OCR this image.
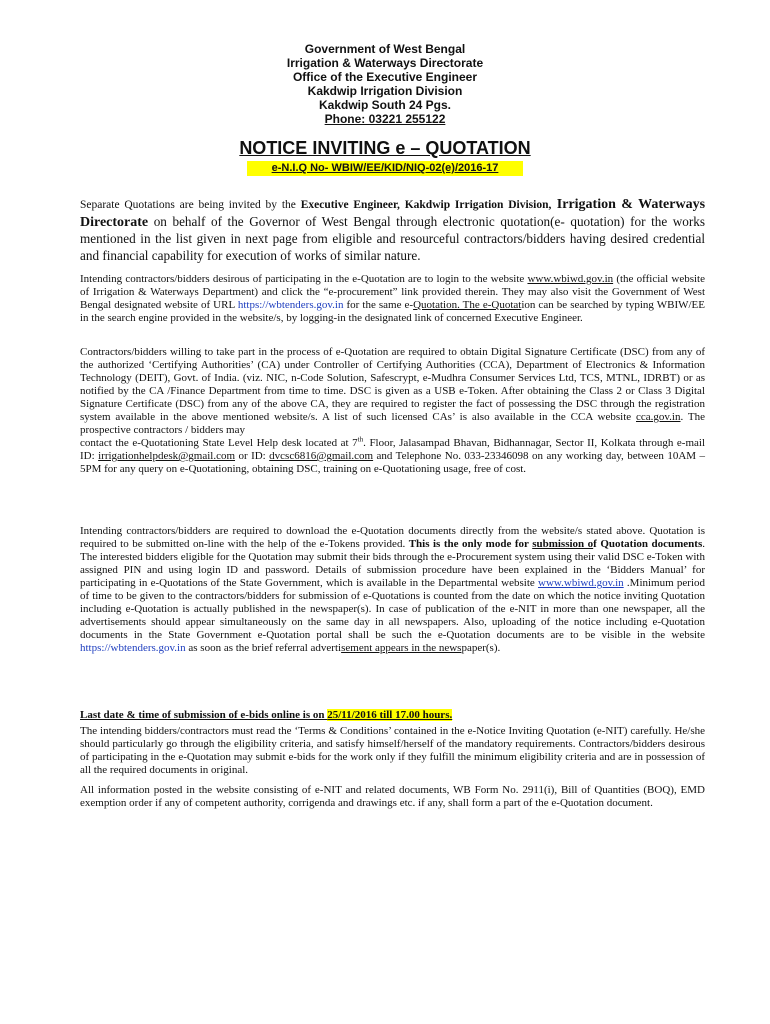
Government of West Bengal
Irrigation & Waterways Directorate
Office of the Executive Engineer
Kakdwip Irrigation Division
Kakdwip South 24 Pgs.
Phone: 03221 255122
NOTICE INVITING e – QUOTATION
e-N.I.Q No- WBIW/EE/KID/NIQ-02(e)/2016-17
Separate Quotations are being invited by the Executive Engineer, Kakdwip Irrigation Division, Irrigation & Waterways Directorate on behalf of the Governor of West Bengal through electronic quotation(e- quotation) for the works mentioned in the list given in next page from eligible and resourceful contractors/bidders having desired credential and financial capability for execution of works of similar nature.
Intending contractors/bidders desirous of participating in the e-Quotation are to login to the website www.wbiwd.gov.in (the official website of Irrigation & Waterways Department) and click the “e-procurement” link provided therein. They may also visit the Government of West Bengal designated website of URL https://wbtenders.gov.in for the same e-Quotation. The e-Quotation can be searched by typing WBIW/EE in the search engine provided in the website/s, by logging-in the designated link of concerned Executive Engineer.
Contractors/bidders willing to take part in the process of e-Quotation are required to obtain Digital Signature Certificate (DSC) from any of the authorized ‘Certifying Authorities’ (CA) under Controller of Certifying Authorities (CCA), Department of Electronics & Information Technology (DEIT), Govt. of India. (viz. NIC, n-Code Solution, Safescrypt, e-Mudhra Consumer Services Ltd, TCS, MTNL, IDRBT) or as notified by the CA /Finance Department from time to time. DSC is given as a USB e-Token. After obtaining the Class 2 or Class 3 Digital Signature Certificate (DSC) from any of the above CA, they are required to register the fact of possessing the DSC through the registration system available in the above mentioned website/s. A list of such licensed CAs’ is also available in the CCA website cca.gov.in. The prospective contractors / bidders may
contact the e-Quotationing State Level Help desk located at 7th. Floor, Jalasampad Bhavan, Bidhannagar, Sector II, Kolkata through e-mail ID: irrigationhelpdesk@gmail.com or ID: dvcsc6816@gmail.com and Telephone No. 033-23346098 on any working day, between 10AM – 5PM for any query on e-Quotationing, obtaining DSC, training on e-Quotationing usage, free of cost.
Intending contractors/bidders are required to download the e-Quotation documents directly from the website/s stated above. Quotation is required to be submitted on-line with the help of the e-Tokens provided. This is the only mode for submission of Quotation documents. The interested bidders eligible for the Quotation may submit their bids through the e-Procurement system using their valid DSC e-Token with assigned PIN and using login ID and password. Details of submission procedure have been explained in the ‘Bidders Manual’ for participating in e-Quotations of the State Government, which is available in the Departmental website www.wbiwd.gov.in .Minimum period of time to be given to the contractors/bidders for submission of e-Quotations is counted from the date on which the notice inviting Quotation including e-Quotation is actually published in the newspaper(s). In case of publication of the e-NIT in more than one newspaper, all the advertisements should appear simultaneously on the same day in all newspapers. Also, uploading of the notice including e-Quotation documents in the State Government e-Quotation portal shall be such the e-Quotation documents are to be visible in the website https://wbtenders.gov.in as soon as the brief referral advertisement appears in the newspaper(s).
Last date & time of submission of e-bids online is on 25/11/2016 till 17.00 hours.
The intending bidders/contractors must read the ‘Terms & Conditions’ contained in the e-Notice Inviting Quotation (e-NIT) carefully. He/she should particularly go through the eligibility criteria, and satisfy himself/herself of the mandatory requirements. Contractors/bidders desirous of participating in the e-Quotation may submit e-bids for the work only if they fulfill the minimum eligibility criteria and are in possession of all the required documents in original.
All information posted in the website consisting of e-NIT and related documents, WB Form No. 2911(i), Bill of Quantities (BOQ), EMD exemption order if any of competent authority, corrigenda and drawings etc. if any, shall form a part of the e-Quotation document.
